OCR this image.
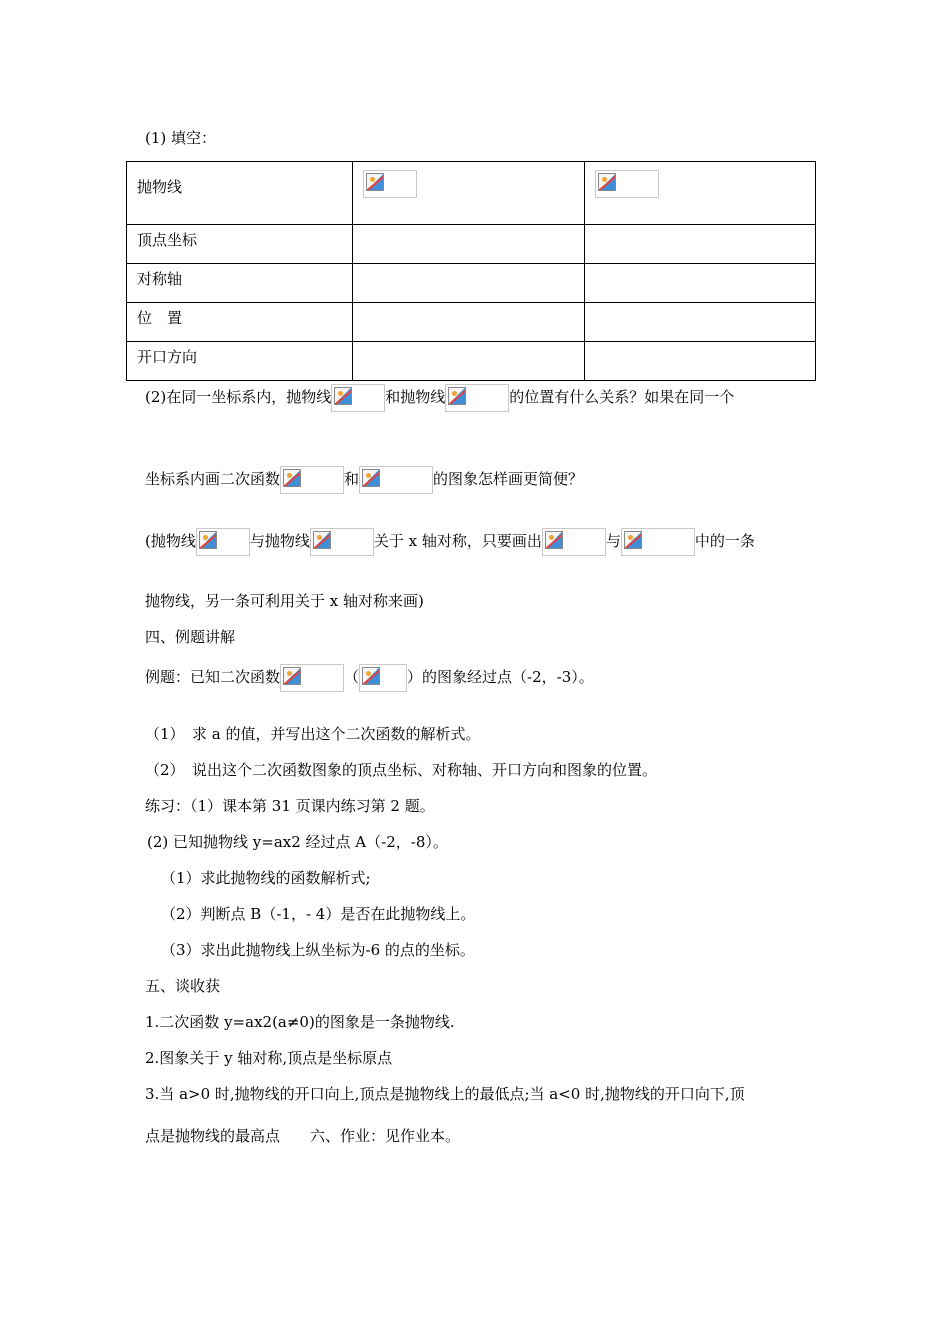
(1) 填空：
抛物线		

顶点坐标		

对称轴		

位　置		

开口方向		

(2)在同一坐标系内，抛物线	和抛物线	的位置有什么关系？如果在同一个
坐标系内画二次函数	和	的图象怎样画更简便？
(抛物线	与抛物线	关于 x 轴对称，只要画出	与	中的一条
抛物线，另一条可利用关于 x 轴对称来画)
四、例题讲解
例题：已知二次函数	（	）的图象经过点（-2，-3）。
（1）　求 a 的值，并写出这个二次函数的解析式。
（2）　说出这个二次函数图象的顶点坐标、对称轴、开口方向和图象的位置。
练习：（1）课本第 31 页课内练习第 2 题。
(2) 已知抛物线 y=ax2 经过点 A（-2，-8）。
（1）求此抛物线的函数解析式;
（2）判断点 B（-1，- 4）是否在此抛物线上。
（3）求出此抛物线上纵坐标为-6 的点的坐标。
五、谈收获
1.二次函数 y=ax2(a≠0)的图象是一条抛物线.
2.图象关于 y 轴对称,顶点是坐标原点
3.当 a>0 时,抛物线的开口向上,顶点是抛物线上的最低点;当 a<0 时,抛物线的开口向下,顶
点是抛物线的最高点　　六、作业：见作业本。
